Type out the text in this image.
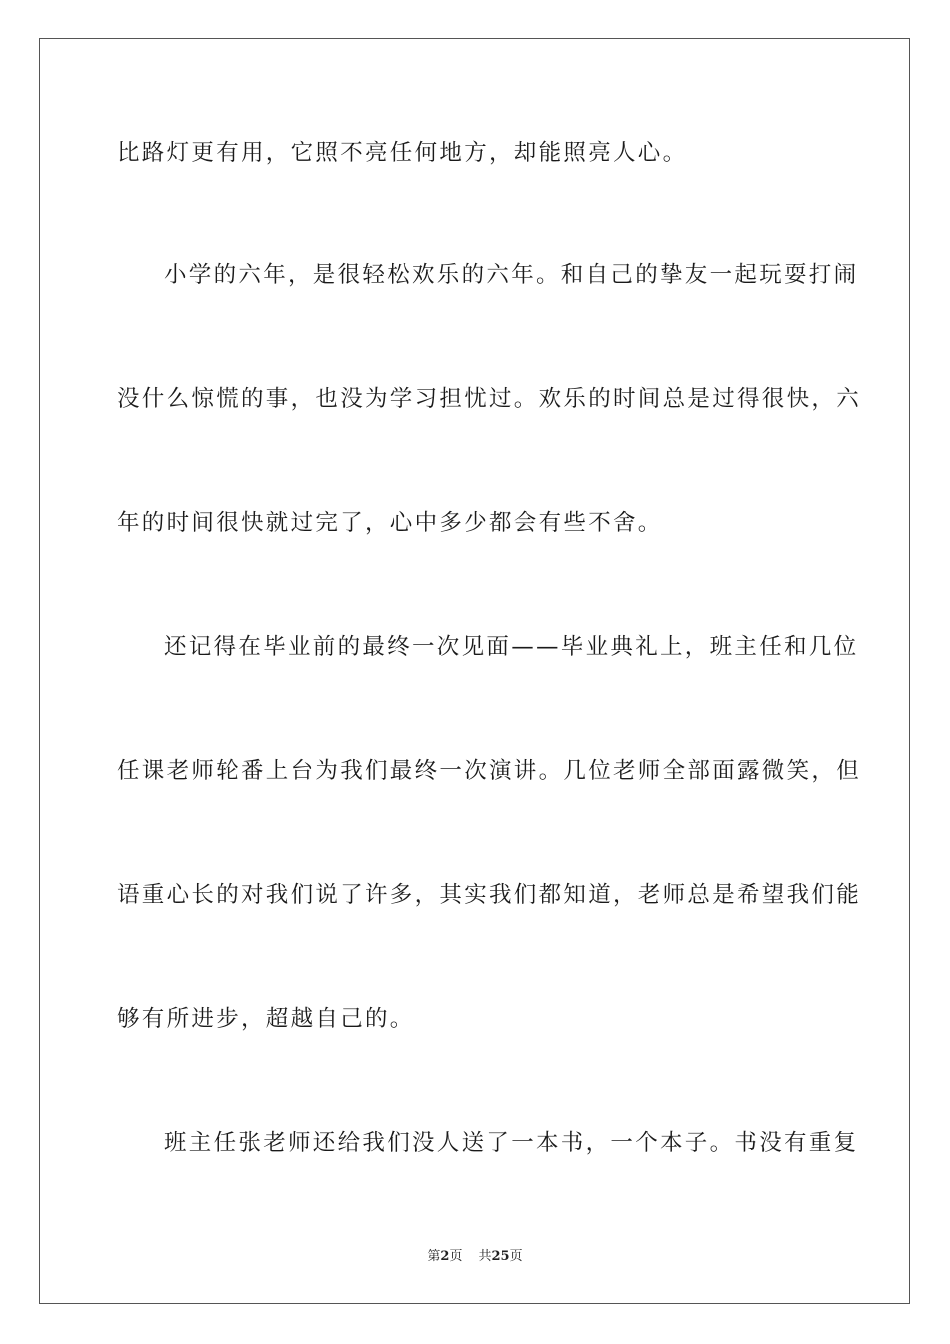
比路灯更有用，它照不亮任何地方，却能照亮人心。

小学的六年，是很轻松欢乐的六年。和自己的挚友一起玩耍打闹

没什么惊慌的事，也没为学习担忧过。欢乐的时间总是过得很快，六

年的时间很快就过完了，心中多少都会有些不舍。

还记得在毕业前的最终一次见面——毕业典礼上，班主任和几位

任课老师轮番上台为我们最终一次演讲。几位老师全部面露微笑，但

语重心长的对我们说了许多，其实我们都知道，老师总是希望我们能

够有所进步，超越自己的。

班主任张老师还给我们没人送了一本书，一个本子。书没有重复

第2页 共25页
